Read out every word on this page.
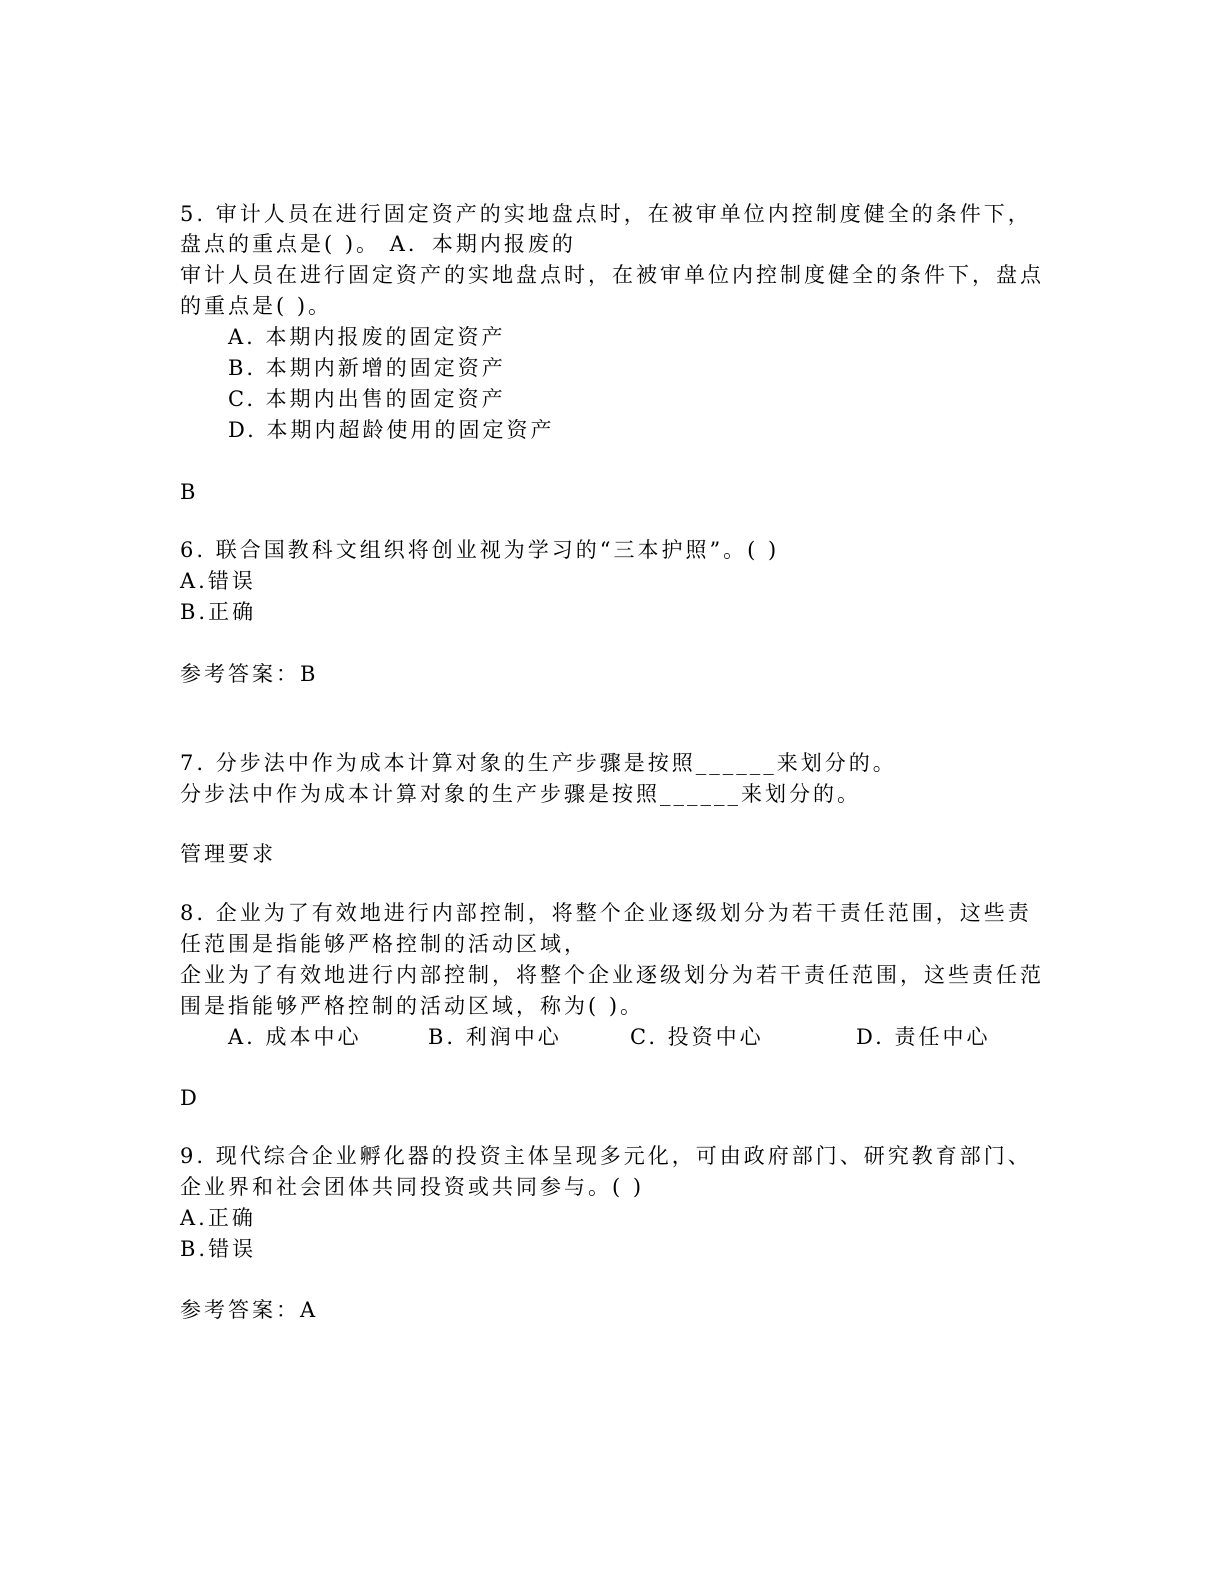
5. 审计人员在进行固定资产的实地盘点时，在被审单位内控制度健全的条件下，
盘点的重点是( )。 A．本期内报废的
审计人员在进行固定资产的实地盘点时，在被审单位内控制度健全的条件下，盘点
的重点是( )。
A. 本期内报废的固定资产
B. 本期内新增的固定资产
C. 本期内出售的固定资产
D. 本期内超龄使用的固定资产
B
6. 联合国教科文组织将创业视为学习的“三本护照”。( )
A.错误
B.正确
参考答案：B
7. 分步法中作为成本计算对象的生产步骤是按照______来划分的。
分步法中作为成本计算对象的生产步骤是按照______来划分的。
管理要求
8. 企业为了有效地进行内部控制，将整个企业逐级划分为若干责任范围，这些责
任范围是指能够严格控制的活动区域，
企业为了有效地进行内部控制，将整个企业逐级划分为若干责任范围，这些责任范
围是指能够严格控制的活动区域，称为( )。
A. 成本中心	B. 利润中心	C. 投资中心	D. 责任中心
D
9. 现代综合企业孵化器的投资主体呈现多元化，可由政府部门、研究教育部门、
企业界和社会团体共同投资或共同参与。( )
A.正确
B.错误
参考答案：A
